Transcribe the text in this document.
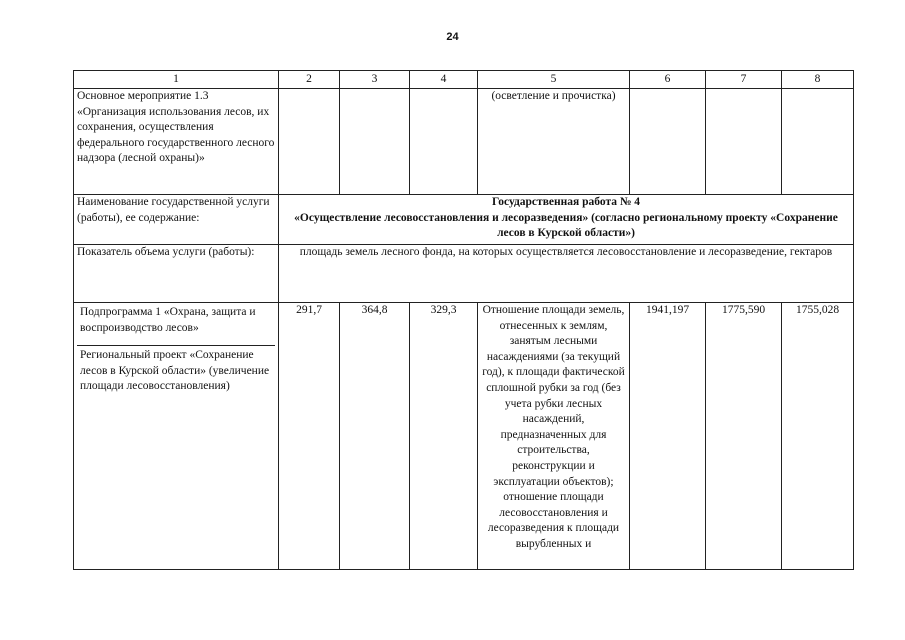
24
1	2	3	4	5	6	7	8
Основное мероприятие 1.3 «Организация использования лесов, их сохранения, осуществления федерального государственного лесного надзора (лесной охраны)»				(осветление и прочистка)			
Наименование государственной услуги (работы), ее содержание:	Государственная работа № 4
«Осуществление лесовосстановления и лесоразведения» (согласно региональному проекту «Сохранение лесов в Курской области»)						

Показатель объема услуги (работы):	площадь земель лесного фонда, на которых осуществляется лесовосстановление и лесоразведение, гектаров						

Подпрограмма 1 «Охрана, защита и воспроизводство лесов»
Региональный проект «Сохранение лесов в Курской области» (увеличение площади лесовосстановления)	291,7	364,8	329,3	Отношение площади земель, отнесенных к землям, занятым лесными насаждениями (за текущий год), к площади фактической сплошной рубки за год (без учета рубки лесных насаждений, предназначенных для строительства, реконструкции и эксплуатации объектов); отношение площади лесовосстановления и лесоразведения к площади вырубленных и	1941,197	1775,590	1755,028
